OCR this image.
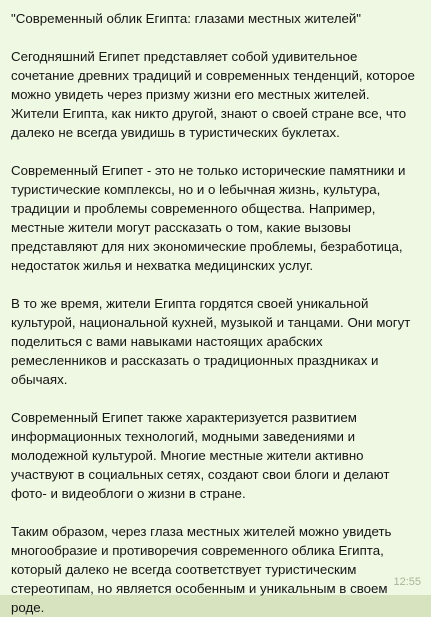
"Современный облик Египта: глазами местных жителей"

Сегодняшний Египет представляет собой удивительное сочетание древних традиций и современных тенденций, которое можно увидеть через призму жизни его местных жителей. Жители Египта, как никто другой, знают о своей стране все, что далеко не всегда увидишь в туристических буклетах.

Современный Египет - это не только исторические памятники и туристические комплексы, но и о lебычная жизнь, культура, традиции и проблемы современного общества. Например, местные жители могут рассказать о том, какие вызовы представляют для них экономические проблемы, безработица, недостаток жилья и нехватка медицинских услуг.

В то же время, жители Египта гордятся своей уникальной культурой, национальной кухней, музыкой и танцами. Они могут поделиться с вами навыками настоящих арабских ремесленников и рассказать о традиционных праздниках и обычаях.

Современный Египет также характеризуется развитием информационных технологий, модными заведениями и молодежной культурой. Многие местные жители активно участвуют в социальных сетях, создают свои блоги и делают фото- и видеоблоги о жизни в стране.

Таким образом, через глаза местных жителей можно увидеть многообразие и противоречия современного облика Египта, который далеко не всегда соответствует туристическим стереотипам, но является особенным и уникальным в своем роде.

12:55
